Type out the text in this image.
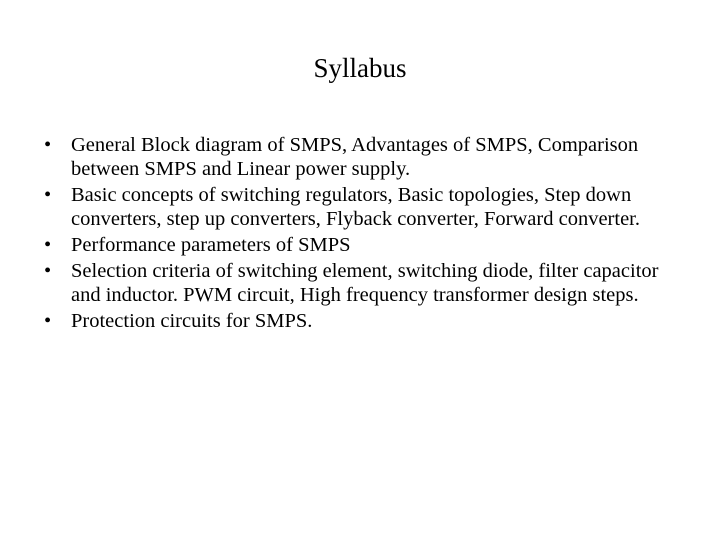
Syllabus
• General Block diagram of SMPS, Advantages of SMPS, Comparison between SMPS and Linear power supply.
• Basic concepts of switching regulators, Basic topologies, Step down converters, step up converters, Flyback converter, Forward converter.
• Performance parameters of SMPS
• Selection criteria of switching element, switching diode, filter capacitor and inductor. PWM circuit, High frequency transformer design steps.
• Protection circuits for SMPS.
